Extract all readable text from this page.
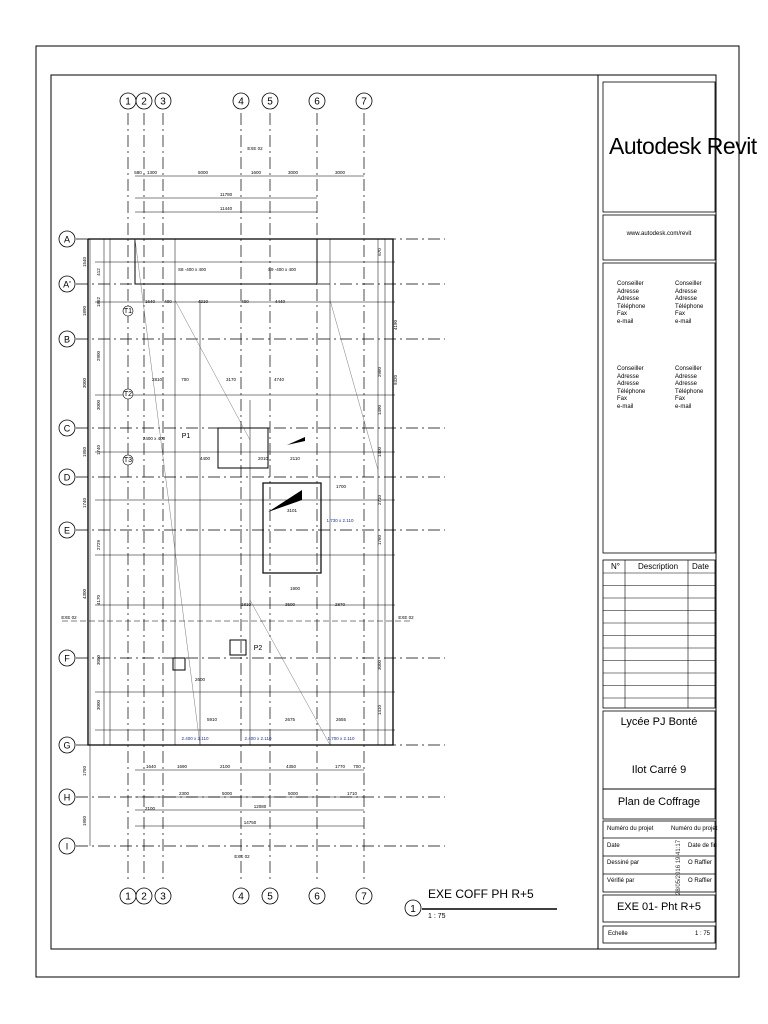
1
1
2
2
3
3
4
4
5
5
6
6
7
7
A
A'
B
C
D
E
F
G
H
I
580 1300	5000	1600	3000	3000
11780
11440
1640	1690	2100	4350	1770 700
2300	5000	5000	1710
2100	12080
14750
1540
1890
3000
1950
1740
4300
1750
1950
412
1862
2900
3000
1740
2729
4170
3000
3000
670
4190
2980
1490
9320
1400
2710
1760
3000
1410
EXE 02
EXE 02
EXE 02	EXE 02
S8 -400 x 400	S9 -400 x 400
1640 400	4210	400	4440
2810	700	3170	4740
2400 x 400 P1
4400	2010	2110
1700
3101
1810	3500	2870
P2
1900
2600
5910	2675	2655
T1
T2
T3
2.400 x 2.110	2.400 x 2.110	1.700 x 2.110
1.730 x 2.110
1
Autodesk Revit
www.autodesk.com/revit
Conseiller
Adresse
Adresse
Téléphone
Fax
e-mail
Conseiller
Adresse
Adresse
Téléphone
Fax
e-mail
Conseiller
Adresse
Adresse
Téléphone
Fax
e-mail
Conseiller
Adresse
Adresse
Téléphone
Fax
e-mail
N° Description Date
Lycée PJ Bonté
Ilot Carré 9
Plan de Coffrage
Numéro du projet	Numéro du projet
Date	Date de fin
Dessiné par	O Raffier
Vérifié par	O Raffier
EXE 01- Pht R+5
Echelle	1 : 75
28/05/2016 19:41:17
EXE COFF PH R+5
1 : 75
